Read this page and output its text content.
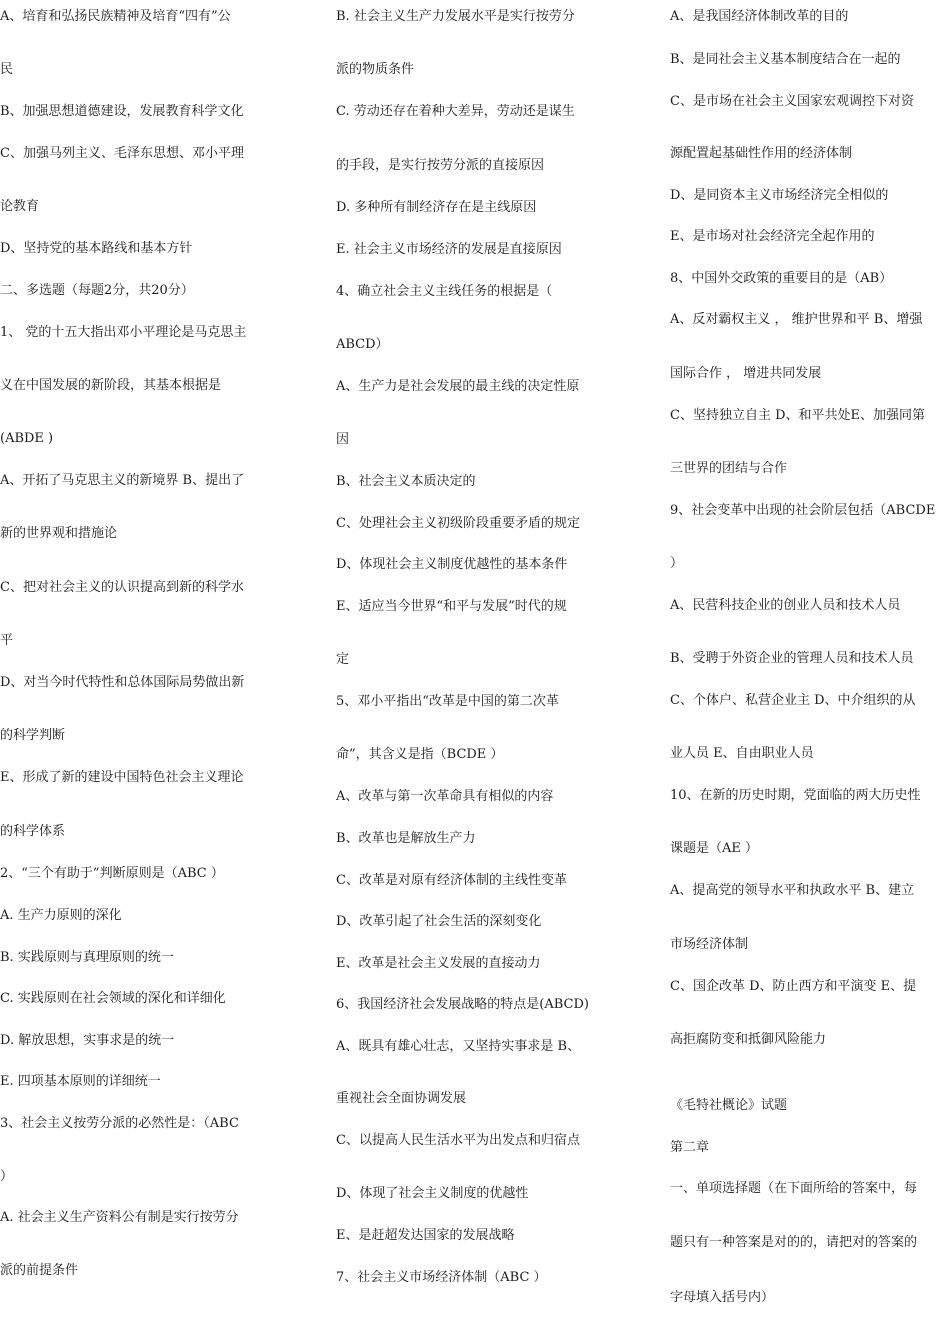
A、培育和弘扬民族精神及培育“四有”公
民
B、加强思想道德建设，发展教育科学文化
C、加强马列主义、毛泽东思想、邓小平理
论教育
D、坚持党的基本路线和基本方针
二、多选题（每题2分，共20分）
1、 党的十五大指出邓小平理论是马克思主
义在中国发展的新阶段，其基本根据是
(ABDE )
A、开拓了马克思主义的新境界 B、提出了
新的世界观和措施论
C、把对社会主义的认识提高到新的科学水
平
D、对当今时代特性和总体国际局势做出新
的科学判断
E、形成了新的建设中国特色社会主义理论
的科学体系
2、“三个有助于”判断原则是（ABC ）
A. 生产力原则的深化
B. 实践原则与真理原则的统一
C. 实践原则在社会领域的深化和详细化
D. 解放思想，实事求是的统一
E. 四项基本原则的详细统一
3、社会主义按劳分派的必然性是：（ABC
）
A. 社会主义生产资料公有制是实行按劳分
派的前提条件
B. 社会主义生产力发展水平是实行按劳分
派的物质条件
C. 劳动还存在着种大差异，劳动还是谋生
的手段，是实行按劳分派的直接原因
D. 多种所有制经济存在是主线原因
E. 社会主义市场经济的发展是直接原因
4、确立社会主义主线任务的根据是（
ABCD）
A、生产力是社会发展的最主线的决定性原
因
B、社会主义本质决定的
C、处理社会主义初级阶段重要矛盾的规定
D、体现社会主义制度优越性的基本条件
E、适应当今世界“和平与发展”时代的规
定
5、邓小平指出“改革是中国的第二次革
命”，其含义是指（BCDE ）
A、改革与第一次革命具有相似的内容
B、改革也是解放生产力
C、改革是对原有经济体制的主线性变革
D、改革引起了社会生活的深刻变化
E、改革是社会主义发展的直接动力
6、我国经济社会发展战略的特点是(ABCD)
A、既具有雄心壮志，又坚持实事求是 B、
重视社会全面协调发展
C、以提高人民生活水平为出发点和归宿点
D、体现了社会主义制度的优越性
E、是赶超发达国家的发展战略
7、社会主义市场经济体制（ABC ）
A、是我国经济体制改革的目的
B、是同社会主义基本制度结合在一起的
C、是市场在社会主义国家宏观调控下对资
源配置起基础性作用的经济体制
D、是同资本主义市场经济完全相似的
E、是市场对社会经济完全起作用的
8、中国外交政策的重要目的是（AB）
A、反对霸权主义 ， 维护世界和平 B、增强
国际合作 ， 增进共同发展
C、坚持独立自主 D、和平共处E、加强同第
三世界的团结与合作
9、社会变革中出现的社会阶层包括（ABCDE
）
A、民营科技企业的创业人员和技术人员
B、受聘于外资企业的管理人员和技术人员
C、个体户、私营企业主 D、中介组织的从
业人员 E、自由职业人员
10、在新的历史时期，党面临的两大历史性
课题是（AE ）
A、提高党的领导水平和执政水平 B、建立
市场经济体制
C、国企改革 D、防止西方和平演变 E、提
高拒腐防变和抵御风险能力
《毛特社概论》试题
第二章
一、单项选择题（在下面所给的答案中，每
题只有一种答案是对的的，请把对的答案的
字母填入括号内）
